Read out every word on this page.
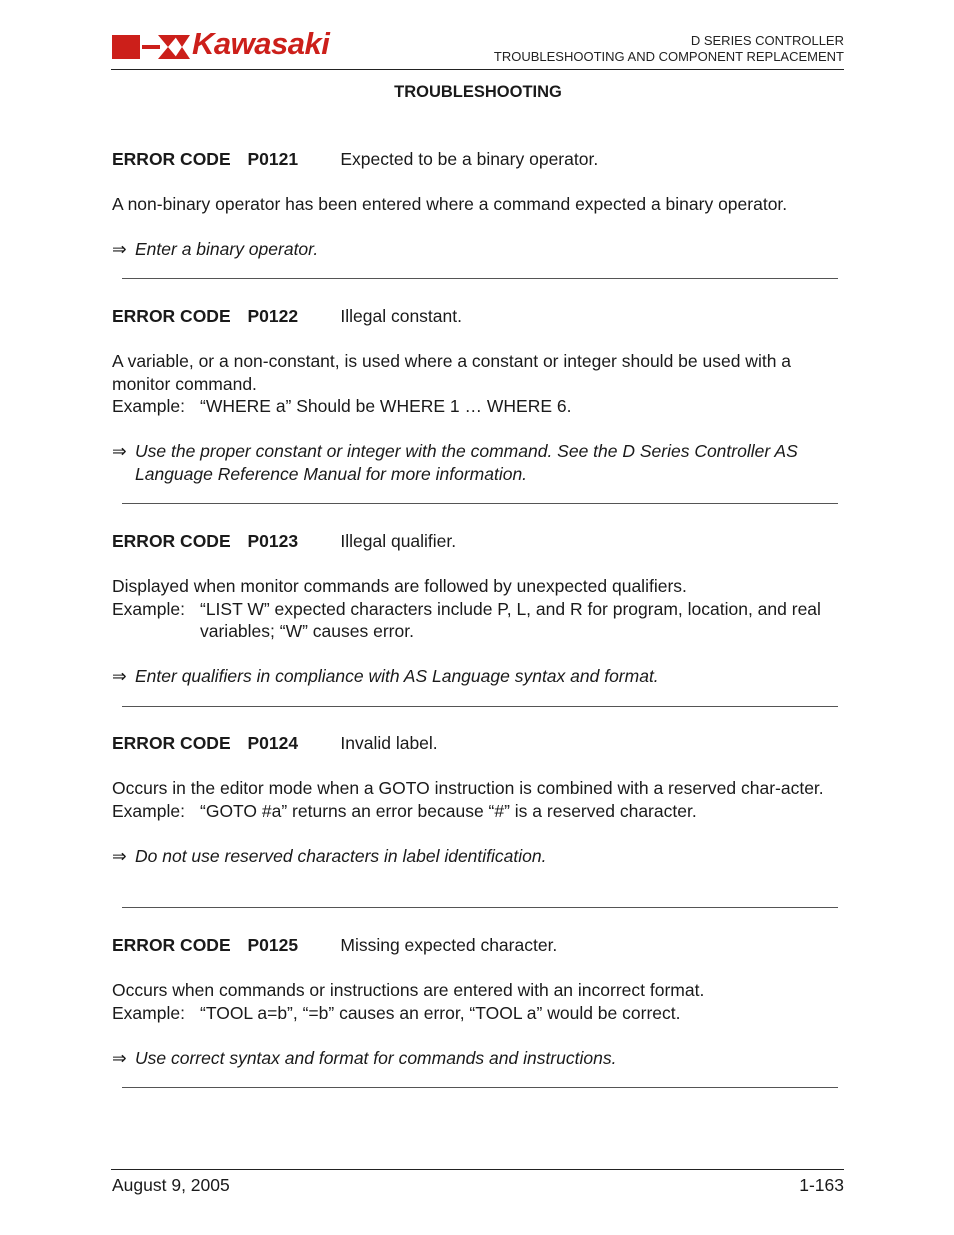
Kawasaki	D SERIES CONTROLLER
TROUBLESHOOTING AND COMPONENT REPLACEMENT
TROUBLESHOOTING
ERROR CODE P0121 Expected to be a binary operator.

A non-binary operator has been entered where a command expected a binary operator.

⇒ Enter a binary operator.
ERROR CODE P0122 Illegal constant.

A variable, or a non-constant, is used where a constant or integer should be used with a monitor command.

Example: “WHERE a” Should be WHERE 1 … WHERE 6.
⇒ Use the proper constant or integer with the command. See the D Series Controller AS Language Reference Manual for more information.
ERROR CODE P0123 Illegal qualifier.

Displayed when monitor commands are followed by unexpected qualifiers.

Example: “LIST W” expected characters include P, L, and R for program, location, and real variables; “W” causes error.
⇒ Enter qualifiers in compliance with AS Language syntax and format.
ERROR CODE P0124 Invalid label.

Occurs in the editor mode when a GOTO instruction is combined with a reserved char-acter.

Example: “GOTO #a” returns an error because “#” is a reserved character.
⇒ Do not use reserved characters in label identification.
ERROR CODE P0125 Missing expected character.

Occurs when commands or instructions are entered with an incorrect format.

Example: “TOOL a=b”, “=b” causes an error, “TOOL a” would be correct.
⇒ Use correct syntax and format for commands and instructions.
August 9, 2005	1-163
